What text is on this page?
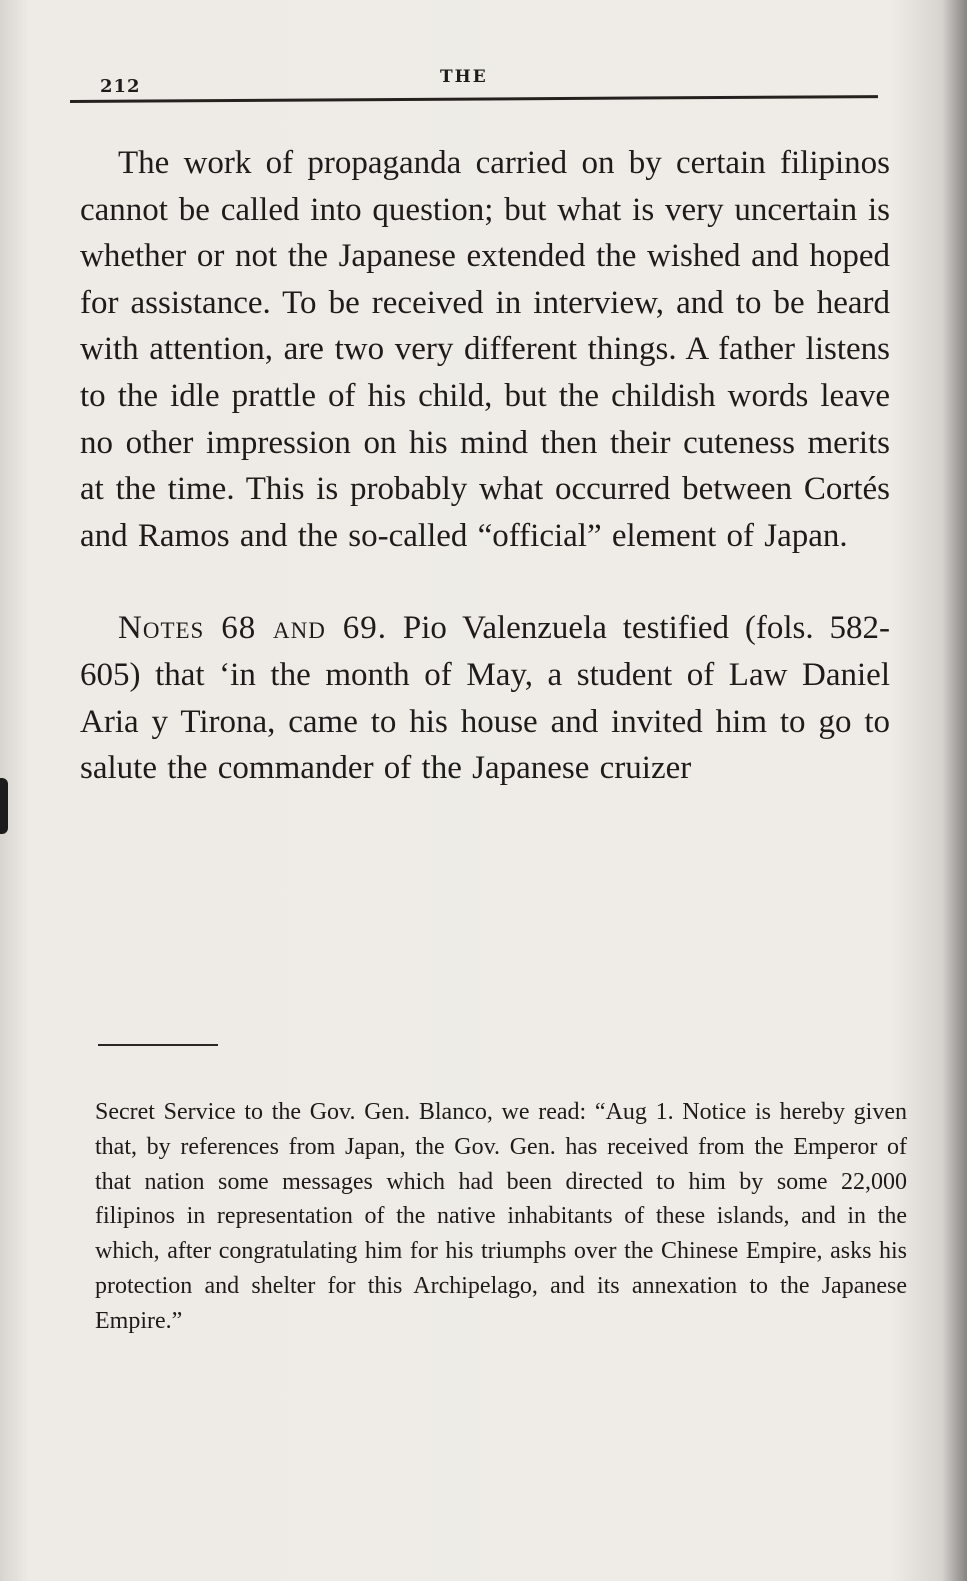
212	THE

The work of propaganda carried on by certain filipinos cannot be called into question; but what is very uncertain is whether or not the Japanese extended the wished and hoped for assistance. To be received in interview, and to be heard with attention, are two very different things. A father listens to the idle prattle of his child, but the childish words leave no other impression on his mind then their cuteness merits at the time. This is probably what occurred between Cortés and Ramos and the so-called “official” element of Japan.

Notes 68 and 69. Pio Valenzuela testified (fols. 582-605) that ‘in the month of May, a student of Law Daniel Aria y Tirona, came to his house and invited him to go to salute the commander of the Japanese cruizer

Secret Service to the Gov. Gen. Blanco, we read: “Aug 1. Notice is hereby given that, by references from Japan, the Gov. Gen. has received from the Emperor of that nation some messages which had been directed to him by some 22,000 filipinos in representation of the native inhabitants of these islands, and in the which, after congratulating him for his triumphs over the Chinese Empire, asks his protection and shelter for this Archipelago, and its annexation to the Japanese Empire.”
